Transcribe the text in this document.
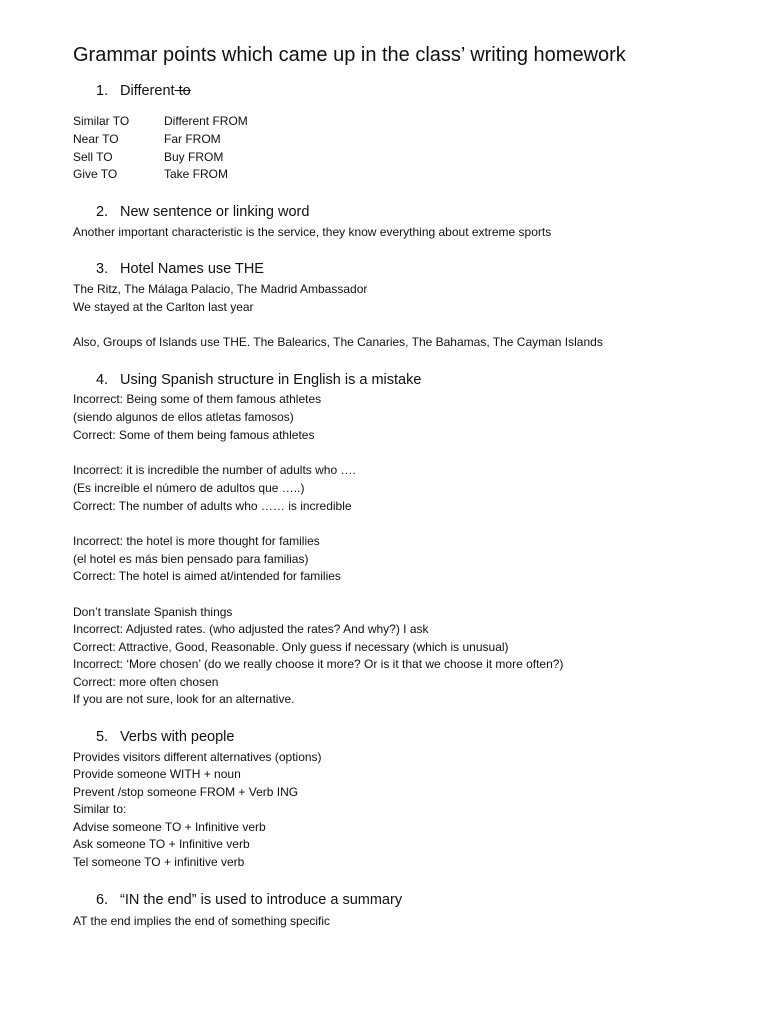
Grammar points which came up in the class’ writing homework
1. Different to
Similar TO	Different FROM
Near TO	Far FROM
Sell TO	Buy FROM
Give TO	Take FROM
2. New sentence or linking word
Another important characteristic is the service, they know everything about extreme sports
3. Hotel Names use THE
The Ritz, The Málaga Palacio, The Madrid Ambassador
We stayed at the Carlton last year
Also, Groups of Islands use THE. The Balearics, The Canaries, The Bahamas, The Cayman Islands
4. Using Spanish structure in English is a mistake
Incorrect: Being some of them famous athletes
(siendo algunos de ellos atletas famosos)
Correct: Some of them being famous athletes
Incorrect: it is incredible the number of adults who ….
(Es increíble el número de adultos que …..)
Correct: The number of adults who …… is incredible
Incorrect: the hotel is more thought for families
(el hotel es más bien pensado para familias)
Correct: The hotel is aimed at/intended for families
Don’t translate Spanish things
Incorrect: Adjusted rates. (who adjusted the rates? And why?) I ask
Correct: Attractive, Good, Reasonable. Only guess if necessary (which is unusual)
Incorrect: ‘More chosen’ (do we really choose it more? Or is it that we choose it more often?)
Correct: more often chosen
If you are not sure, look for an alternative.
5. Verbs with people
Provides visitors different alternatives (options)
Provide someone WITH + noun
Prevent /stop someone FROM + Verb ING
Similar to:
Advise someone TO + Infinitive verb
Ask someone TO + Infinitive verb
Tel someone TO + infinitive verb
6. “IN the end” is used to introduce a summary
AT the end implies the end of something specific
